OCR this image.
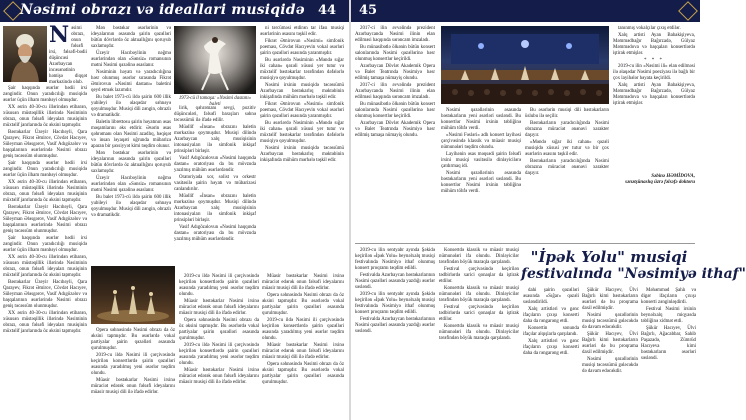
Nəsimi obrazı və ideallari musiqidə 44
N əsimi obrazı, onun fəlsəfi irsi, fəlsəfi-bədii düşüncəsi Azərbaycan incəsənətinin həmişə diqqət mərkəzində olub.

Şair haqqında əsərlər bədii irsi zəngindir. Onun yaradıcılığı musiqidə əsərlər üçün ilham mənbəyi olmuşdur.

XX əsrin 40-30-cu illərindən etibarən, xüsusən müstəqillik illərində Nəsiminin obrazı, onun fəlsəfi ideyaları musiqinin müxtəlif janrlarında öz əksini tapmışdır.

Bəstəkarlar Üzeyir Hacıbəyli, Qara Qarayev, Fikrət Əmirov, Cövdət Hacıyev, Süleyman Ələsgərov, Vasif Adıgözəlov və başqalarının əsərlərində Nəsimi obrazı geniş təcəssüm olunmuşdur.

Şair haqqında əsərlər bədii irsi zəngindir. Onun yaradıcılığı musiqidə əsərlər üçün ilham mənbəyi olmuşdur.

XX əsrin 40-30-cu illərindən etibarən, xüsusən müstəqillik illərində Nəsiminin obrazı, onun fəlsəfi ideyaları musiqinin müxtəlif janrlarında öz əksini tapmışdır.

Bəstəkarlar Üzeyir Hacıbəyli, Qara Qarayev, Fikrət Əmirov, Cövdət Hacıyev, Süleyman Ələsgərov, Vasif Adıgözəlov və başqalarının əsərlərində Nəsimi obrazı geniş təcəssüm olunmuşdur.

Şair haqqında əsərlər bədii irsi zəngindir. Onun yaradıcılığı musiqidə əsərlər üçün ilham mənbəyi olmuşdur.

XX əsrin 40-30-cu illərindən etibarən, xüsusən müstəqillik illərində Nəsiminin obrazı, onun fəlsəfi ideyaları musiqinin müxtəlif janrlarında öz əksini tapmışdır.

Bəstəkarlar Üzeyir Hacıbəyli, Qara Qarayev, Fikrət Əmirov, Cövdət Hacıyev, Süleyman Ələsgərov, Vasif Adıgözəlov və başqalarının əsərlərində Nəsimi obrazı geniş təcəssüm olunmuşdur.

XX əsrin 40-30-cu illərindən etibarən, xüsusən müstəqillik illərində Nəsiminin obrazı, onun fəlsəfi ideyaları musiqinin müxtəlif janrlarında öz əksini tapmışdır.

Mən bəstəkar əsərlərinin və ideyalarının əsasında şairin qəzəlləri bütün dövrlərdə öz aktuallığını qoruyub saxlamışdır.

Üzeyir Hacıbəylinin nəğmə əsərlərindən olan «Sənsiz» romansının mətni Nəsimi qəzəlinə əsaslanır.

Nəsiminin həyatı və yaradıcılığına həsr olunmuş əsərlər sırasında Fikrət Əmirovun «Nəsimi dastanı» baletini qeyd etmək lazımdır.

Bu balet 1973-cü ildə şairin 600 illik yubileyi ilə əlaqədar səhnəyə qoyulmuşdur. Musiqi dili zəngin, obrazlı və dramatikdir.

Baletin librettosu şairin həyatının əsas məqamlarını əks etdirir. Əsərin əsas qəhrəmanı olan Nəsimi azadlıq, həqiqət və insan ləyaqəti uğrunda mübarizə aparan bir şəxsiyyət kimi təqdim olunur.

Mən bəstəkar əsərlərinin və ideyalarının əsasında şairin qəzəlləri bütün dövrlərdə öz aktuallığını qoruyub saxlamışdır.

Üzeyir Hacıbəylinin nəğmə əsərlərindən olan «Sənsiz» romansının mətni Nəsimi qəzəlinə əsaslanır.

Bu balet 1973-cü ildə şairin 600 illik yubileyi ilə əlaqədar səhnəyə qoyulmuşdur. Musiqi dili zəngin, obrazlı və dramatikdir.

1973-cü il tamaşa: «Nəsimi dastanı» baleti

lirik, qəhrəmanı sevgi, pozitiv düşüncələri, fəlsəfi baxışları səhnə təcəssümü ilə ifadə edilir.

Müəllif «İnsan» obrazını baletin mərkəzinə qoymuşdur. Musiqi dilində Azərbaycan xalq musiqisinin intonasiyaları ilə simfonik inkişaf prinsipləri birləşir.

Vasif Adıgözəlovun «Nəsimi haqqında dastan» oratoriyası da bu mövzuda yazılmış mühüm əsərlərdəndir.

Oratoriyada xor, solist və orkestr vasitəsilə şairin həyatı və mübarizəsi canlandırılır.

Müəllif «İnsan» obrazını baletin mərkəzinə qoymuşdur. Musiqi dilində Azərbaycan xalq musiqisinin intonasiyaları ilə simfonik inkişaf prinsipləri birləşir.

Vasif Adıgözəlovun «Nəsimi haqqında dastan» oratoriyası da bu mövzuda yazılmış mühüm əsərlərdəndir.

ni tərcüməsi etdirən tar ifası musiqi əsərlərinin əsasını təşkil edir.

Fikrət Əmirovun «Nəsimi» simfonik poeması, Cövdət Hacıyevin vokal əsərləri şairin qəzəlləri əsasında yaranmışdır.

Bu əsərlərdə Nəsiminin «Məndə sığar iki cahan» qəzəli xüsusi yer tutur və müxtəlif bəstəkarlar tərəfindən dəfələrlə musiqiyə qoyulmuşdur.

Nəsimi irsinin musiqidə təcəssümü Azərbaycan bəstəkarlıq məktəbinin inkişafında mühüm mərhələ təşkil edir.

Fikrət Əmirovun «Nəsimi» simfonik poeması, Cövdət Hacıyevin vokal əsərləri şairin qəzəlləri əsasında yaranmışdır.

Bu əsərlərdə Nəsiminin «Məndə sığar iki cahan» qəzəli xüsusi yer tutur və müxtəlif bəstəkarlar tərəfindən dəfələrlə musiqiyə qoyulmuşdur.

Nəsimi irsinin musiqidə təcəssümü Azərbaycan bəstəkarlıq məktəbinin inkişafında mühüm mərhələ təşkil edir.

Opera səhnəsində Nəsimi obrazı da öz əksini tapmışdır. Bu əsərlərdə vokal partiyalar şairin qəzəlləri əsasında qurulmuşdur.

2019-cu ildə Nəsimi ili çərçivəsində keçirilən konsertlərdə şairin qəzəlləri əsasında yaradılmış yeni əsərlər təqdim olundu.

Müasir bəstəkarlar Nəsimi irsinə müraciət edərək onun fəlsəfi ideyalarını müasir musiqi dili ilə ifadə edirlər.

2019-cu ildə Nəsimi ili çərçivəsində keçirilən konsertlərdə şairin qəzəlləri əsasında yaradılmış yeni əsərlər təqdim olundu.

Müasir bəstəkarlar Nəsimi irsinə müraciət edərək onun fəlsəfi ideyalarını müasir musiqi dili ilə ifadə edirlər.

Opera səhnəsində Nəsimi obrazı da öz əksini tapmışdır. Bu əsərlərdə vokal partiyalar şairin qəzəlləri əsasında qurulmuşdur.

2019-cu ildə Nəsimi ili çərçivəsində keçirilən konsertlərdə şairin qəzəlləri əsasında yaradılmış yeni əsərlər təqdim olundu.

Müasir bəstəkarlar Nəsimi irsinə müraciət edərək onun fəlsəfi ideyalarını müasir musiqi dili ilə ifadə edirlər.

Müasir bəstəkarlar Nəsimi irsinə müraciət edərək onun fəlsəfi ideyalarını müasir musiqi dili ilə ifadə edirlər.

Opera səhnəsində Nəsimi obrazı da öz əksini tapmışdır. Bu əsərlərdə vokal partiyalar şairin qəzəlləri əsasında qurulmuşdur.

2019-cu ildə Nəsimi ili çərçivəsində keçirilən konsertlərdə şairin qəzəlləri əsasında yaradılmış yeni əsərlər təqdim olundu.

Müasir bəstəkarlar Nəsimi irsinə müraciət edərək onun fəlsəfi ideyalarını müasir musiqi dili ilə ifadə edirlər.

Opera səhnəsində Nəsimi obrazı da öz əksini tapmışdır. Bu əsərlərdə vokal partiyalar şairin qəzəlləri əsasında qurulmuşdur.

45

2017-ci ilin əvvəlində prezident Azərbaycanda Nəsimi ilinin elan edilməsi haqqında sərəncam imzaladı.

Bu münasibətlə ölkənin bütün konsert salonlarında Nəsimi qəzəllərinə həsr olunmuş konsertlər keçirildi.

Azərbaycan Dövlət Akademik Opera və Balet Teatrında Nəsimiyə həsr edilmiş tamaşa nümayiş olundu.

2017-ci ilin əvvəlində prezident Azərbaycanda Nəsimi ilinin elan edilməsi haqqında sərəncam imzaladı.

Bu münasibətlə ölkənin bütün konsert salonlarında Nəsimi qəzəllərinə həsr olunmuş konsertlər keçirildi.

Azərbaycan Dövlət Akademik Opera və Balet Teatrında Nəsimiyə həsr edilmiş tamaşa nümayiş olundu.

Nəsimi qəzəllərinin əsasında bəstəkarların yeni əsərləri səsləndi. Bu konsertlər Nəsimi irsinin təbliğinə mühüm töhfə verdi.

«Nəsimi Fəsləri» adlı konsert layihəsi çərçivəsində klassik və müasir musiqi nümunələri təqdim olundu.

Layihənin əsas məqsədi şairin fəlsəfi irsini musiqi vasitəsilə dinləyicilərə çatdırmaq idi.

Nəsimi qəzəllərinin əsasında bəstəkarların yeni əsərləri səsləndi. Bu konsertlər Nəsimi irsinin təbliğinə mühüm töhfə verdi.

Bu əsərlərin musiqi dili bəstəkarların üslubu ilə seçilir.

Bəstəkarların yaradıcılığında Nəsimi obrazına müraciət ənənəvi xarakter daşıyır.

«Məndə sığar iki cahan» qəzəli musiqidə xüsusi yer tutur və bir çox əsərlərin əsasını təşkil edir.

Bəstəkarların yaradıcılığında Nəsimi obrazına müraciət ənənəvi xarakter daşıyır.

tanınmış vokalçılar çıxış etdilər.

Xalq artisti Ayan Babakişiyeva, Məmmədbağır Bağırzadə, Gülyaz Məmmədova və başqaları konsertlərdə iştirak etmişlər.

* * *

2019-cu ilin «Nəsimi ili» elan edilməsi ilə əlaqədar Nəsimi poeziyası ilə bağlı bir çox layihələr həyata keçirildi.

Xalq artisti Ayan Babakişiyeva, Məmmədbağır Bağırzadə, Gülyaz Məmmədova və başqaları konsertlərdə iştirak etmişlər.

Səbinə HƏMİDOVA,
sənətşünaslıq üzrə fəlsəfə doktoru

"İpək Yolu" musiqi
festivalında "Nəsimiyə ithaf"

2019-cu ilin sentyabr ayında Şəkidə keçirilən «İpək Yolu» beynəlxalq musiqi festivalında Nəsimiyə ithaf olunmuş konsert proqramı təqdim edildi.

Festivalda Azərbaycan bəstəkarlarının Nəsimi qəzəlləri əsasında yazdığı əsərlər səsləndi.

2019-cu ilin sentyabr ayında Şəkidə keçirilən «İpək Yolu» beynəlxalq musiqi festivalında Nəsimiyə ithaf olunmuş konsert proqramı təqdim edildi.

Festivalda Azərbaycan bəstəkarlarının Nəsimi qəzəlləri əsasında yazdığı əsərlər səsləndi.

Konsertdə klassik və müasir musiqi nümunələri ifa olundu. Dinləyicilər tərəfindən böyük maraqla qarşılandı.

Festival çərçivəsində keçirilən tədbirlərdə xarici qonaqlar da iştirak etdilər.

Konsertdə klassik və müasir musiqi nümunələri ifa olundu. Dinləyicilər tərəfindən böyük maraqla qarşılandı.

Festival çərçivəsində keçirilən tədbirlərdə xarici qonaqlar da iştirak etdilər.

Konsertdə klassik və müasir musiqi nümunələri ifa olundu. Dinləyicilər tərəfindən böyük maraqla qarşılandı.

dahi şairin qəzəlləri əsasında «Sığar» qəzəli səsləndirildi.

Xalq artistləri və gənc ifaçıların çıxışı konserti daha da rəngarəng etdi.

Konsertin sonunda ifaçılar alqışlarla qarşılandı.

Xalq artistləri və gənc ifaçıların çıxışı konserti daha da rəngarəng etdi.

Şükür Hacıyev, Ülvi Bağırlı kimi bəstəkarların əsərləri də bu proqrama daxil edilmişdir.

Nəsimi qəzəllərinin musiqi təcəssümü gələcəkdə də davam edəcəkdir.

Şükür Hacıyev, Ülvi Bağırlı kimi bəstəkarların əsərləri də bu proqrama daxil edilmişdir.

Nəsimi qəzəllərinin musiqi təcəssümü gələcəkdə də davam edəcəkdir.

Məhəmməd Şahlı və digər ifaçıların çıxışı konserti zənginləşdirdi.

Festival Nəsimi irsinin beynəlxalq miqyasda təbliğinə xidmət etdi.

Şükür Hacıyev, Ülvi Bağırlı, Ağacabbar, Sahib Paşazadə, Zümrüd Hacıyeva kimi bəstəkarların əsərləri səsləndi.
